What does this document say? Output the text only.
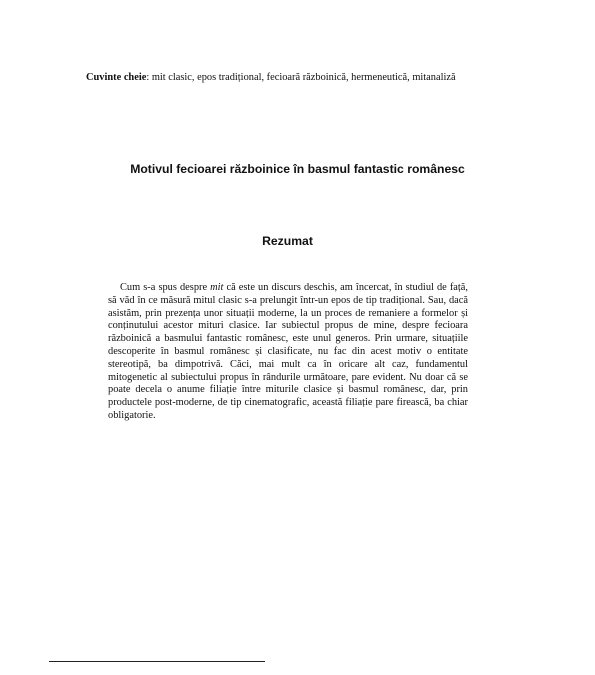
Cuvinte cheie: mit clasic, epos tradițional, fecioară războinică, hermeneutică, mitanaliză
Motivul fecioarei războinice în basmul fantastic românesc
Rezumat

Cum s-a spus despre mit că este un discurs deschis, am încercat, în studiul de față, să văd în ce măsură mitul clasic s-a prelungit într-un epos de tip tradițional. Sau, dacă asistăm, prin prezența unor situații moderne, la un proces de remaniere a formelor și conținutului acestor mituri clasice. Iar subiectul propus de mine, despre fecioara războinică a basmului fantastic românesc, este unul generos. Prin urmare, situațiile descoperite în basmul românesc și clasificate, nu fac din acest motiv o entitate stereotipă, ba dimpotrivă. Căci, mai mult ca în oricare alt caz, fundamentul mitogenetic al subiectului propus în rândurile următoare, pare evident. Nu doar că se poate decela o anume filiație între miturile clasice și basmul românesc, dar, prin productele post-moderne, de tip cinematografic, această filiație pare firească, ba chiar obligatorie.
